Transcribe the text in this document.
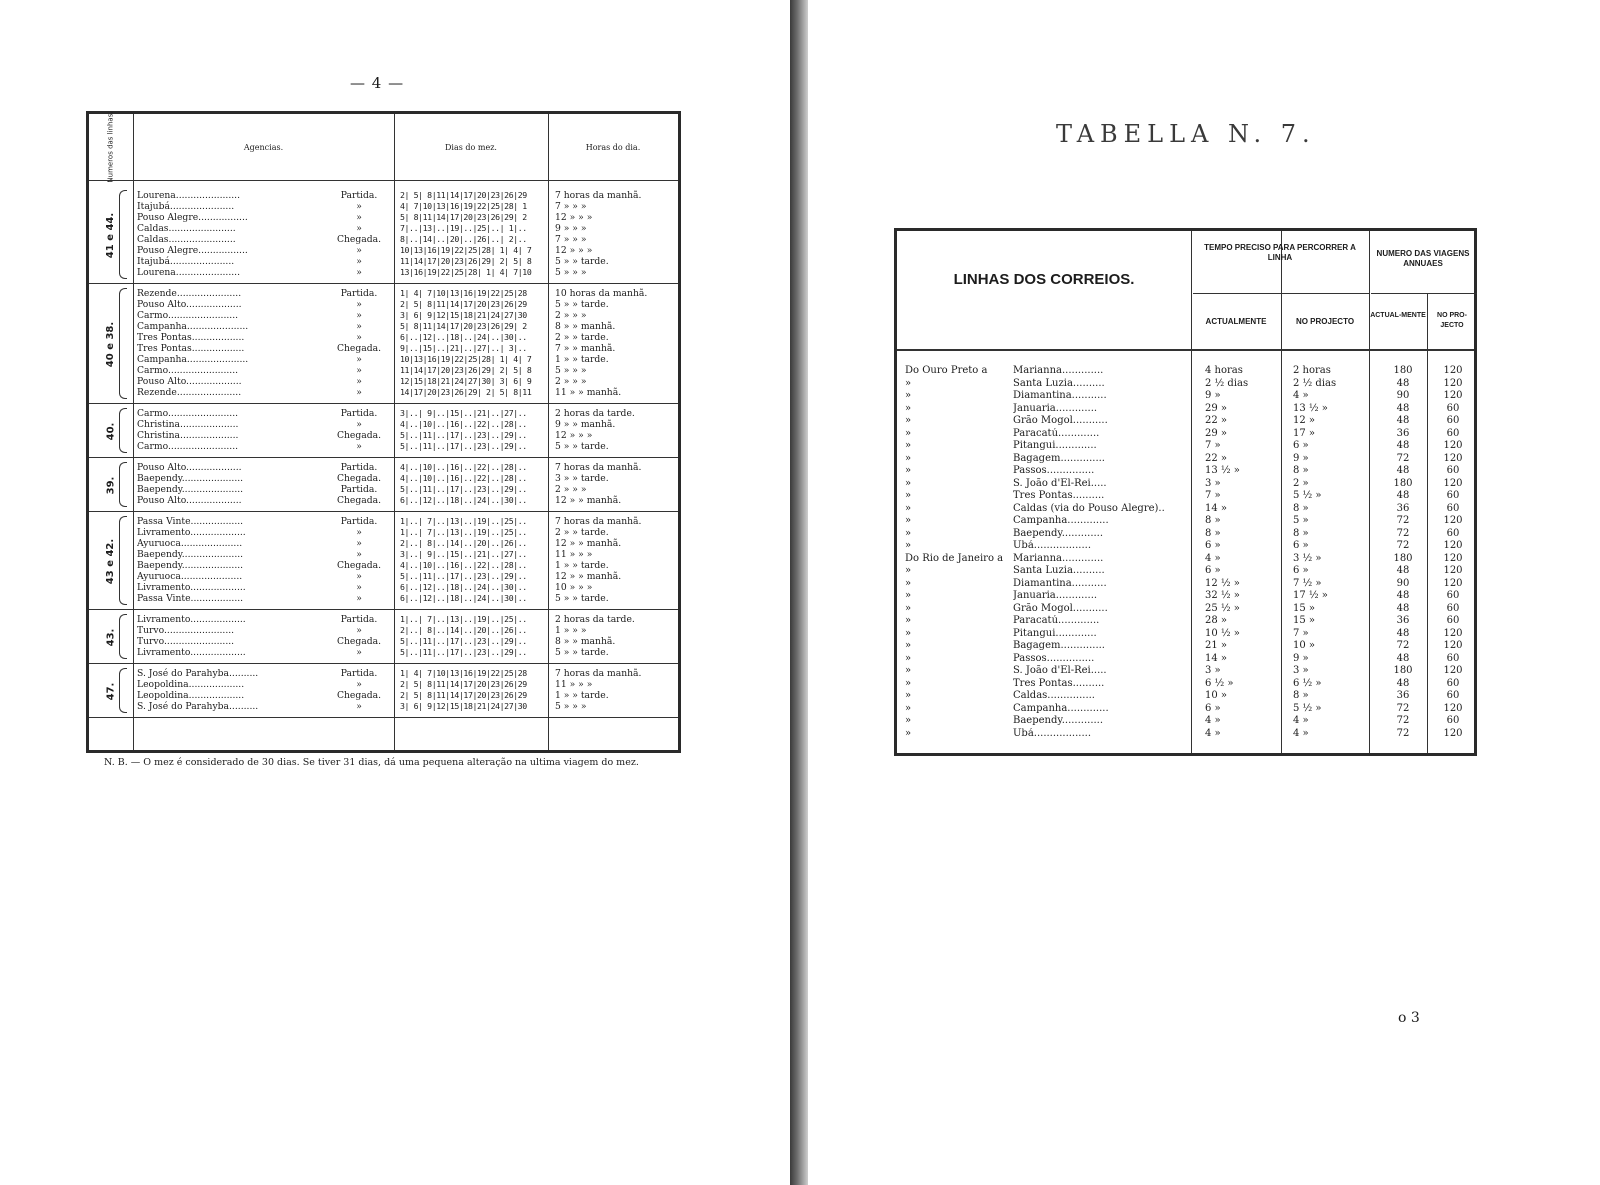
— 4 —
Numeros das linhas.	Agencias.	Dias do mez.	Horas do dia.
41 e 44.
Lourena......................	Partida.	2| 5| 8|11|14|17|20|23|26|29	7 horas da manhã.
Itajubá......................	»	4| 7|10|13|16|19|22|25|28| 1	7 » » »
Pouso Alegre.................	»	5| 8|11|14|17|20|23|26|29| 2	12 » » »
Caldas.......................	»	7|..|13|..|19|..|25|..| 1|..	9 » » »
Caldas.......................	Chegada.	8|..|14|..|20|..|26|..| 2|..	7 » » »
Pouso Alegre.................	»	10|13|16|19|22|25|28| 1| 4| 7	12 » » »
Itajubá......................	»	11|14|17|20|23|26|29| 2| 5| 8	5 » » tarde.
Lourena......................	»	13|16|19|22|25|28| 1| 4| 7|10	5 » » »
40 e 38.
Rezende......................	Partida.	1| 4| 7|10|13|16|19|22|25|28	10 horas da manhã.
Pouso Alto...................	»	2| 5| 8|11|14|17|20|23|26|29	5 » » tarde.
Carmo........................	»	3| 6| 9|12|15|18|21|24|27|30	2 » » »
Campanha.....................	»	5| 8|11|14|17|20|23|26|29| 2	8 » » manhã.
Tres Pontas..................	»	6|..|12|..|18|..|24|..|30|..	2 » » tarde.
Tres Pontas..................	Chegada.	9|..|15|..|21|..|27|..| 3|..	7 » » manhã.
Campanha.....................	»	10|13|16|19|22|25|28| 1| 4| 7	1 » » tarde.
Carmo........................	»	11|14|17|20|23|26|29| 2| 5| 8	5 » » »
Pouso Alto...................	»	12|15|18|21|24|27|30| 3| 6| 9	2 » » »
Rezende......................	»	14|17|20|23|26|29| 2| 5| 8|11	11 » » manhã.
40.
Carmo........................	Partida.	3|..| 9|..|15|..|21|..|27|..	2 horas da tarde.
Christina....................	»	4|..|10|..|16|..|22|..|28|..	9 » » manhã.
Christina....................	Chegada.	5|..|11|..|17|..|23|..|29|..	12 » » »
Carmo........................	»	5|..|11|..|17|..|23|..|29|..	5 » » tarde.
39.
Pouso Alto...................	Partida.	4|..|10|..|16|..|22|..|28|..	7 horas da manhã.
Baependy.....................	Chegada.	4|..|10|..|16|..|22|..|28|..	3 » » tarde.
Baependy.....................	Partida.	5|..|11|..|17|..|23|..|29|..	2 » » »
Pouso Alto...................	Chegada.	6|..|12|..|18|..|24|..|30|..	12 » » manhã.
43 e 42.
Passa Vinte..................	Partida.	1|..| 7|..|13|..|19|..|25|..	7 horas da manhã.
Livramento...................	»	1|..| 7|..|13|..|19|..|25|..	2 » » tarde.
Ayuruoca.....................	»	2|..| 8|..|14|..|20|..|26|..	12 » » manhã.
Baependy.....................	»	3|..| 9|..|15|..|21|..|27|..	11 » » »
Baependy.....................	Chegada.	4|..|10|..|16|..|22|..|28|..	1 » » tarde.
Ayuruoca.....................	»	5|..|11|..|17|..|23|..|29|..	12 » » manhã.
Livramento...................	»	6|..|12|..|18|..|24|..|30|..	10 » » »
Passa Vinte..................	»	6|..|12|..|18|..|24|..|30|..	5 » » tarde.
43.
Livramento...................	Partida.	1|..| 7|..|13|..|19|..|25|..	2 horas da tarde.
Turvo........................	»	2|..| 8|..|14|..|20|..|26|..	1 » » »
Turvo........................	Chegada.	5|..|11|..|17|..|23|..|29|..	8 » » manhã.
Livramento...................	»	5|..|11|..|17|..|23|..|29|..	5 » » tarde.
47.
S. José do Parahyba..........	Partida.	1| 4| 7|10|13|16|19|22|25|28	7 horas da manhã.
Leopoldina...................	»	2| 5| 8|11|14|17|20|23|26|29	11 » » »
Leopoldina...................	Chegada.	2| 5| 8|11|14|17|20|23|26|29	1 » » tarde.
S. José do Parahyba..........	»	3| 6| 9|12|15|18|21|24|27|30	5 » » »
N. B. — O mez é considerado de 30 dias. Se tiver 31 dias, dá uma pequena alteração na ultima viagem do mez.
TABELLA N. 7.
LINHAS DOS CORREIOS.
TEMPO PRECISO PARA PERCORRER A LINHA
ACTUALMENTE	NO PROJECTO
NUMERO DAS VIAGENS ANNUAES
ACTUAL-MENTE	NO PRO-JECTO
Do Ouro Preto a	Marianna.............	4 horas	2 horas	180	120
»	Santa Luzia..........	2 ½ dias	2 ½ dias	48	120
»	Diamantina...........	9 »	4 »	90	120
»	Januaria.............	29 »	13 ½ »	48	60
»	Grão Mogol...........	22 »	12 »	48	60
»	Paracatú.............	29 »	17 »	36	60
»	Pitangui.............	7 »	6 »	48	120
»	Bagagem..............	22 »	9 »	72	120
»	Passos...............	13 ½ »	8 »	48	60
»	S. João d'El-Rei.....	3 »	2 »	180	120
»	Tres Pontas..........	7 »	5 ½ »	48	60
»	Caldas (via do Pouso Alegre)..	14 »	8 »	36	60
»	Campanha.............	8 »	5 »	72	120
»	Baependy.............	8 »	8 »	72	60
»	Ubá..................	6 »	6 »	72	120
Do Rio de Janeiro a Marianna.............	4 »	3 ½ »	180	120
»	Santa Luzia..........	6 »	6 »	48	120
»	Diamantina...........	12 ½ »	7 ½ »	90	120
»	Januaria.............	32 ½ »	17 ½ »	48	60
»	Grão Mogol...........	25 ½ »	15 »	48	60
»	Paracatú.............	28 »	15 »	36	60
»	Pitangui.............	10 ½ »	7 »	48	120
»	Bagagem..............	21 »	10 »	72	120
»	Passos...............	14 »	9 »	48	60
»	S. João d'El-Rei.....	3 »	3 »	180	120
»	Tres Pontas..........	6 ½ »	6 ½ »	48	60
»	Caldas...............	10 »	8 »	36	60
»	Campanha.............	6 »	5 ½ »	72	120
»	Baependy.............	4 »	4 »	72	60
»	Ubá..................	4 »	4 »	72	120
o 3
